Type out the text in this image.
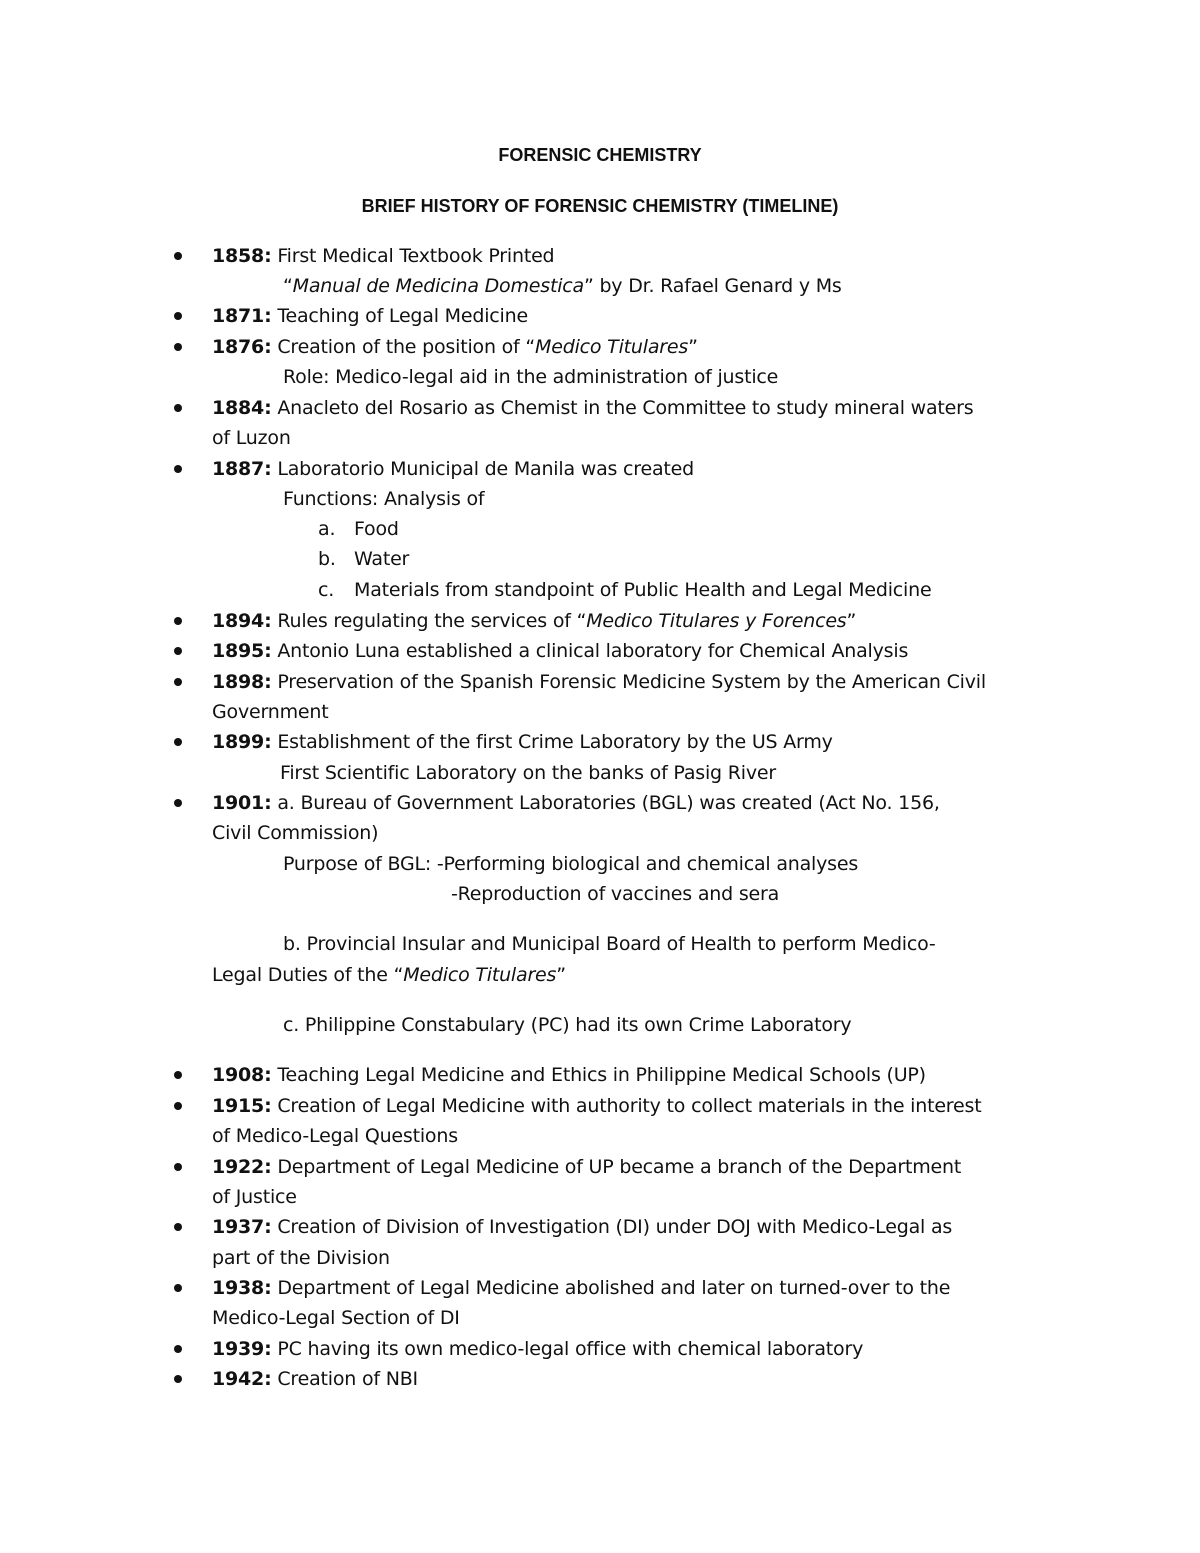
FORENSIC CHEMISTRY
BRIEF HISTORY OF FORENSIC CHEMISTRY (TIMELINE)
1858: First Medical Textbook Printed
“Manual de Medicina Domestica” by Dr. Rafael Genard y Ms
1871: Teaching of Legal Medicine
1876: Creation of the position of “Medico Titulares”
Role: Medico-legal aid in the administration of justice
1884: Anacleto del Rosario as Chemist in the Committee to study mineral waters
of Luzon
1887: Laboratorio Municipal de Manila was created
Functions: Analysis of
a. Food
b. Water
c. Materials from standpoint of Public Health and Legal Medicine
1894: Rules regulating the services of “Medico Titulares y Forences”
1895: Antonio Luna established a clinical laboratory for Chemical Analysis
1898: Preservation of the Spanish Forensic Medicine System by the American Civil
Government
1899: Establishment of the first Crime Laboratory by the US Army
First Scientific Laboratory on the banks of Pasig River
1901: a. Bureau of Government Laboratories (BGL) was created (Act No. 156,
Civil Commission)
Purpose of BGL: -Performing biological and chemical analyses
-Reproduction of vaccines and sera
b. Provincial Insular and Municipal Board of Health to perform Medico-
Legal Duties of the “Medico Titulares”
c. Philippine Constabulary (PC) had its own Crime Laboratory
1908: Teaching Legal Medicine and Ethics in Philippine Medical Schools (UP)
1915: Creation of Legal Medicine with authority to collect materials in the interest
of Medico-Legal Questions
1922: Department of Legal Medicine of UP became a branch of the Department
of Justice
1937: Creation of Division of Investigation (DI) under DOJ with Medico-Legal as
part of the Division
1938: Department of Legal Medicine abolished and later on turned-over to the
Medico-Legal Section of DI
1939: PC having its own medico-legal office with chemical laboratory
1942: Creation of NBI
